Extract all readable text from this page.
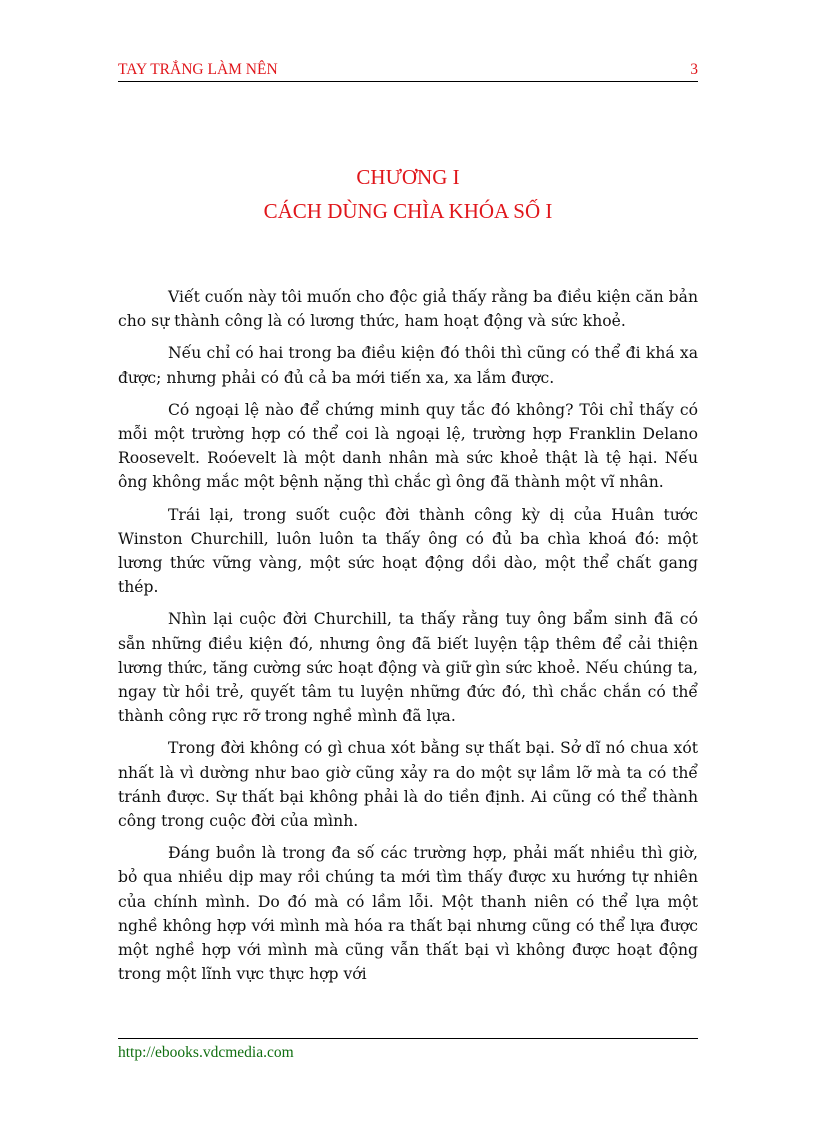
TAY TRẮNG LÀM NÊN	3
CHƯƠNG I
CÁCH DÙNG CHÌA KHÓA SỐ I

Viết cuốn này tôi muốn cho độc giả thấy rằng ba điều kiện căn bản cho sự thành công là có lương thức, ham hoạt động và sức khoẻ.

Nếu chỉ có hai trong ba điều kiện đó thôi thì cũng có thể đi khá xa được; nhưng phải có đủ cả ba mới tiến xa, xa lắm được.

Có ngoại lệ nào để chứng minh quy tắc đó không? Tôi chỉ thấy có mỗi một trường hợp có thể coi là ngoại lệ, trường hợp Franklin Delano Roosevelt. Roóevelt là một danh nhân mà sức khoẻ thật là tệ hại. Nếu ông không mắc một bệnh nặng thì chắc gì ông đã thành một vĩ nhân.

Trái lại, trong suốt cuộc đời thành công kỳ dị của Huân tước Winston Churchill, luôn luôn ta thấy ông có đủ ba chìa khoá đó: một lương thức vững vàng, một sức hoạt động dồi dào, một thể chất gang thép.

Nhìn lại cuộc đời Churchill, ta thấy rằng tuy ông bẩm sinh đã có sẵn những điều kiện đó, nhưng ông đã biết luyện tập thêm để cải thiện lương thức, tăng cường sức hoạt động và giữ gìn sức khoẻ. Nếu chúng ta, ngay từ hồi trẻ, quyết tâm tu luyện những đức đó, thì chắc chắn có thể thành công rực rỡ trong nghề mình đã lựa.

Trong đời không có gì chua xót bằng sự thất bại. Sở dĩ nó chua xót nhất là vì dường như bao giờ cũng xảy ra do một sự lầm lỡ mà ta có thể tránh được. Sự thất bại không phải là do tiền định. Ai cũng có thể thành công trong cuộc đời của mình.

Đáng buồn là trong đa số các trường hợp, phải mất nhiều thì giờ, bỏ qua nhiều dịp may rồi chúng ta mới tìm thấy được xu hướng tự nhiên của chính mình. Do đó mà có lầm lỗi. Một thanh niên có thể lựa một nghề không hợp với mình mà hóa ra thất bại nhưng cũng có thể lựa được một nghề hợp với mình mà cũng vẫn thất bại vì không được hoạt động trong một lĩnh vực thực hợp với

http://ebooks.vdcmedia.com
